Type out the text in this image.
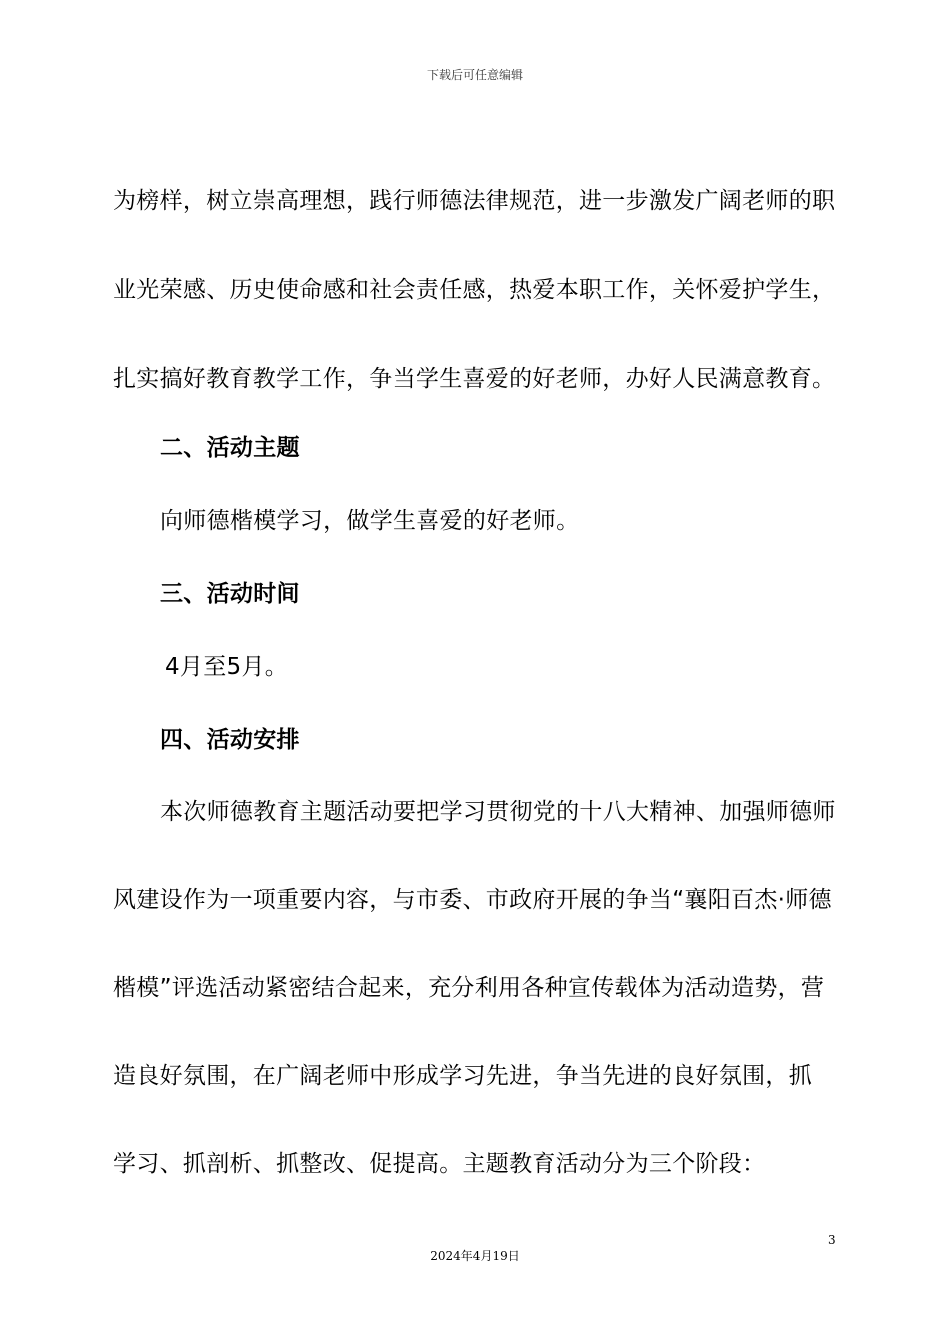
下载后可任意编辑
为榜样，树立崇高理想，践行师德法律规范，进一步激发广阔老师的职
业光荣感、历史使命感和社会责任感，热爱本职工作，关怀爱护学生，
扎实搞好教育教学工作，争当学生喜爱的好老师，办好人民满意教育。
二、活动主题
向师德楷模学习，做学生喜爱的好老师。
三、活动时间
4月至5月。
四、活动安排
本次师德教育主题活动要把学习贯彻党的十八大精神、加强师德师
风建设作为一项重要内容，与市委、市政府开展的争当“襄阳百杰·师德
楷模”评选活动紧密结合起来，充分利用各种宣传载体为活动造势，营
造良好氛围，在广阔老师中形成学习先进，争当先进的良好氛围，抓
学习、抓剖析、抓整改、促提高。主题教育活动分为三个阶段：
3
2024年4月19日
